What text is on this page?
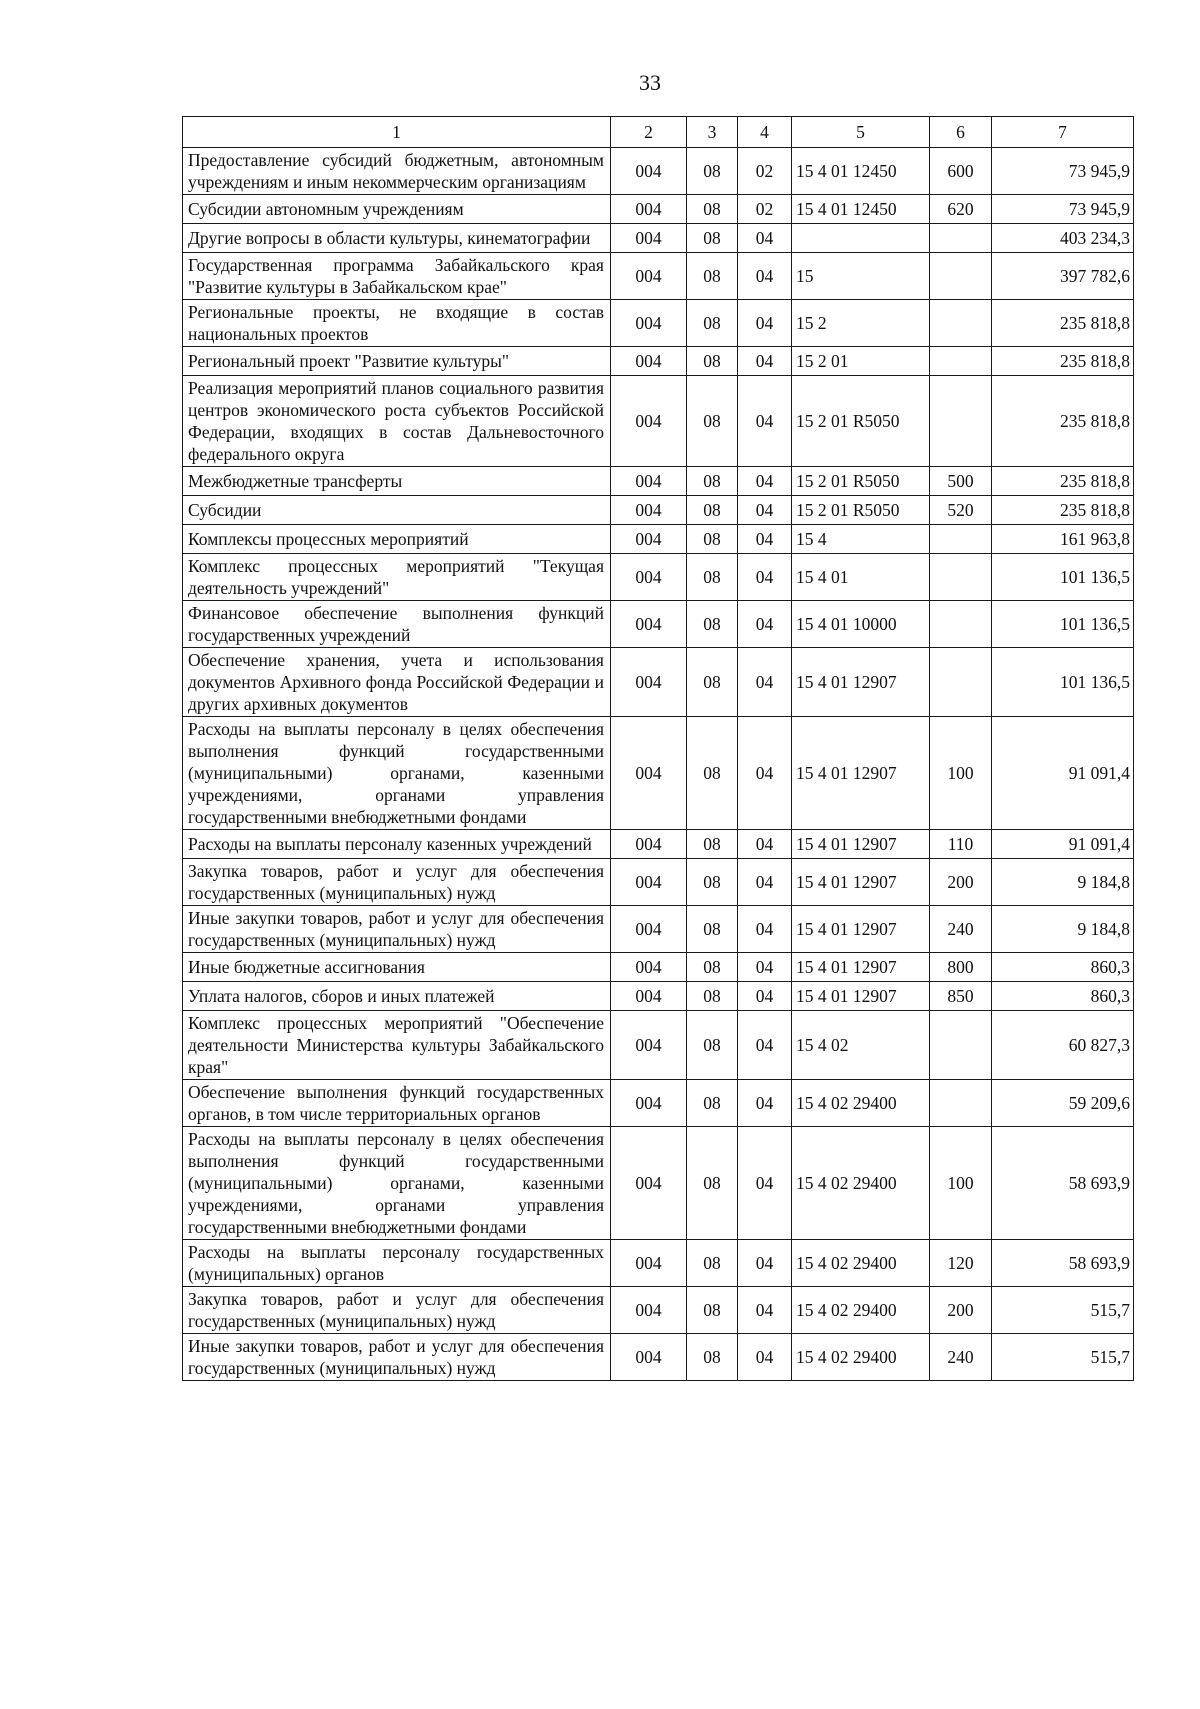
33
1	2	3	4	5	6	7
Предоставление субсидий бюджетным, автономным учреждениям и иным некоммерческим организациям	004	08	02	15 4 01 12450	600	73 945,9
Субсидии автономным учреждениям	004	08	02	15 4 01 12450	620	73 945,9
Другие вопросы в области культуры, кинематографии	004	08	04			403 234,3
Государственная программа Забайкальского края "Развитие культуры в Забайкальском крае"	004	08	04	15		397 782,6
Региональные проекты, не входящие в состав национальных проектов	004	08	04	15 2		235 818,8
Региональный проект "Развитие культуры"	004	08	04	15 2 01		235 818,8
Реализация мероприятий планов социального развития центров экономического роста субъектов Российской Федерации, входящих в состав Дальневосточного федерального округа	004	08	04	15 2 01 R5050		235 818,8
Межбюджетные трансферты	004	08	04	15 2 01 R5050	500	235 818,8
Субсидии	004	08	04	15 2 01 R5050	520	235 818,8
Комплексы процессных мероприятий	004	08	04	15 4		161 963,8
Комплекс процессных мероприятий "Текущая деятельность учреждений"	004	08	04	15 4 01		101 136,5
Финансовое обеспечение выполнения функций государственных учреждений	004	08	04	15 4 01 10000		101 136,5
Обеспечение хранения, учета и использования документов Архивного фонда Российской Федерации и других архивных документов	004	08	04	15 4 01 12907		101 136,5
Расходы на выплаты персоналу в целях обеспечения выполнения функций государственными (муниципальными) органами, казенными учреждениями, органами управления государственными внебюджетными фондами	004	08	04	15 4 01 12907	100	91 091,4
Расходы на выплаты персоналу казенных учреждений	004	08	04	15 4 01 12907	110	91 091,4
Закупка товаров, работ и услуг для обеспечения государственных (муниципальных) нужд	004	08	04	15 4 01 12907	200	9 184,8
Иные закупки товаров, работ и услуг для обеспечения государственных (муниципальных) нужд	004	08	04	15 4 01 12907	240	9 184,8
Иные бюджетные ассигнования	004	08	04	15 4 01 12907	800	860,3
Уплата налогов, сборов и иных платежей	004	08	04	15 4 01 12907	850	860,3
Комплекс процессных мероприятий "Обеспечение деятельности Министерства культуры Забайкальского края"	004	08	04	15 4 02		60 827,3
Обеспечение выполнения функций государственных органов, в том числе территориальных органов	004	08	04	15 4 02 29400		59 209,6
Расходы на выплаты персоналу в целях обеспечения выполнения функций государственными (муниципальными) органами, казенными учреждениями, органами управления государственными внебюджетными фондами	004	08	04	15 4 02 29400	100	58 693,9
Расходы на выплаты персоналу государственных (муниципальных) органов	004	08	04	15 4 02 29400	120	58 693,9
Закупка товаров, работ и услуг для обеспечения государственных (муниципальных) нужд	004	08	04	15 4 02 29400	200	515,7
Иные закупки товаров, работ и услуг для обеспечения государственных (муниципальных) нужд	004	08	04	15 4 02 29400	240	515,7
